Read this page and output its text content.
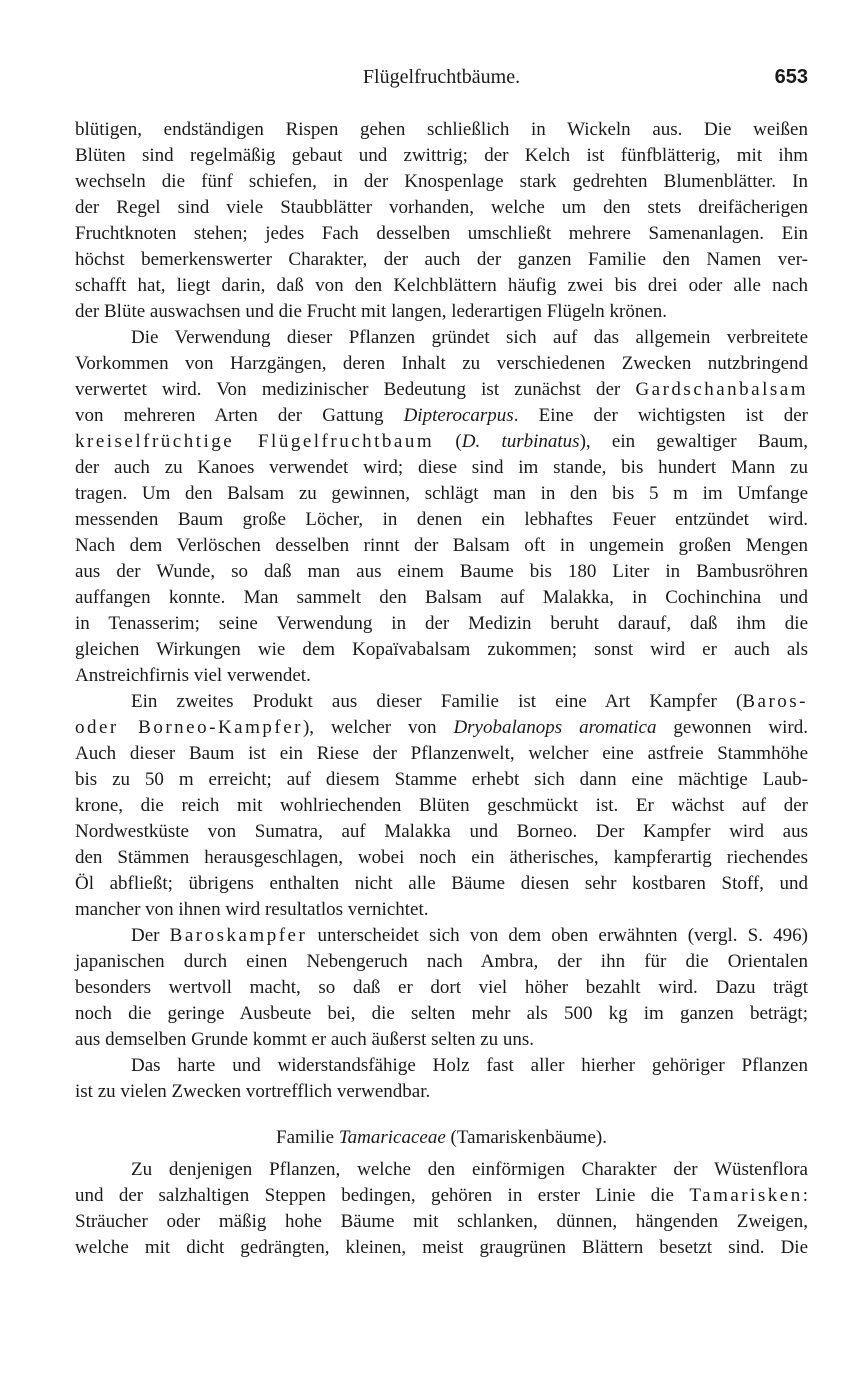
Flügelfruchtbäume.	653
blütigen, endständigen Rispen gehen schließlich in Wickeln aus. Die weißen
Blüten sind regelmäßig gebaut und zwittrig; der Kelch ist fünfblätterig, mit ihm
wechseln die fünf schiefen, in der Knospenlage stark gedrehten Blumenblätter. In
der Regel sind viele Staubblätter vorhanden, welche um den stets dreifächerigen
Fruchtknoten stehen; jedes Fach desselben umschließt mehrere Samenanlagen. Ein
höchst bemerkenswerter Charakter, der auch der ganzen Familie den Namen ver-
schafft hat, liegt darin, daß von den Kelchblättern häufig zwei bis drei oder alle nach
der Blüte auswachsen und die Frucht mit langen, lederartigen Flügeln krönen.
Die Verwendung dieser Pflanzen gründet sich auf das allgemein verbreitete
Vorkommen von Harzgängen, deren Inhalt zu verschiedenen Zwecken nutzbringend
verwertet wird. Von medizinischer Bedeutung ist zunächst der Gardschanbalsam
von mehreren Arten der Gattung Dipterocarpus. Eine der wichtigsten ist der
kreiselfrüchtige Flügelfruchtbaum (D. turbinatus), ein gewaltiger Baum,
der auch zu Kanoes verwendet wird; diese sind im stande, bis hundert Mann zu
tragen. Um den Balsam zu gewinnen, schlägt man in den bis 5 m im Umfange
messenden Baum große Löcher, in denen ein lebhaftes Feuer entzündet wird.
Nach dem Verlöschen desselben rinnt der Balsam oft in ungemein großen Mengen
aus der Wunde, so daß man aus einem Baume bis 180 Liter in Bambusröhren
auffangen konnte. Man sammelt den Balsam auf Malakka, in Cochinchina und
in Tenasserim; seine Verwendung in der Medizin beruht darauf, daß ihm die
gleichen Wirkungen wie dem Kopaïvabalsam zukommen; sonst wird er auch als
Anstreichfirnis viel verwendet.
Ein zweites Produkt aus dieser Familie ist eine Art Kampfer (Baros-
oder Borneo-Kampfer), welcher von Dryobalanops aromatica gewonnen wird.
Auch dieser Baum ist ein Riese der Pflanzenwelt, welcher eine astfreie Stammhöhe
bis zu 50 m erreicht; auf diesem Stamme erhebt sich dann eine mächtige Laub-
krone, die reich mit wohlriechenden Blüten geschmückt ist. Er wächst auf der
Nordwestküste von Sumatra, auf Malakka und Borneo. Der Kampfer wird aus
den Stämmen herausgeschlagen, wobei noch ein ätherisches, kampferartig riechendes
Öl abfließt; übrigens enthalten nicht alle Bäume diesen sehr kostbaren Stoff, und
mancher von ihnen wird resultatlos vernichtet.
Der Baroskampfer unterscheidet sich von dem oben erwähnten (vergl. S. 496)
japanischen durch einen Nebengeruch nach Ambra, der ihn für die Orientalen
besonders wertvoll macht, so daß er dort viel höher bezahlt wird. Dazu trägt
noch die geringe Ausbeute bei, die selten mehr als 500 kg im ganzen beträgt;
aus demselben Grunde kommt er auch äußerst selten zu uns.
Das harte und widerstandsfähige Holz fast aller hierher gehöriger Pflanzen
ist zu vielen Zwecken vortrefflich verwendbar.
Familie Tamaricaceae (Tamariskenbäume).
Zu denjenigen Pflanzen, welche den einförmigen Charakter der Wüstenflora
und der salzhaltigen Steppen bedingen, gehören in erster Linie die Tamarisken:
Sträucher oder mäßig hohe Bäume mit schlanken, dünnen, hängenden Zweigen,
welche mit dicht gedrängten, kleinen, meist graugrünen Blättern besetzt sind. Die
